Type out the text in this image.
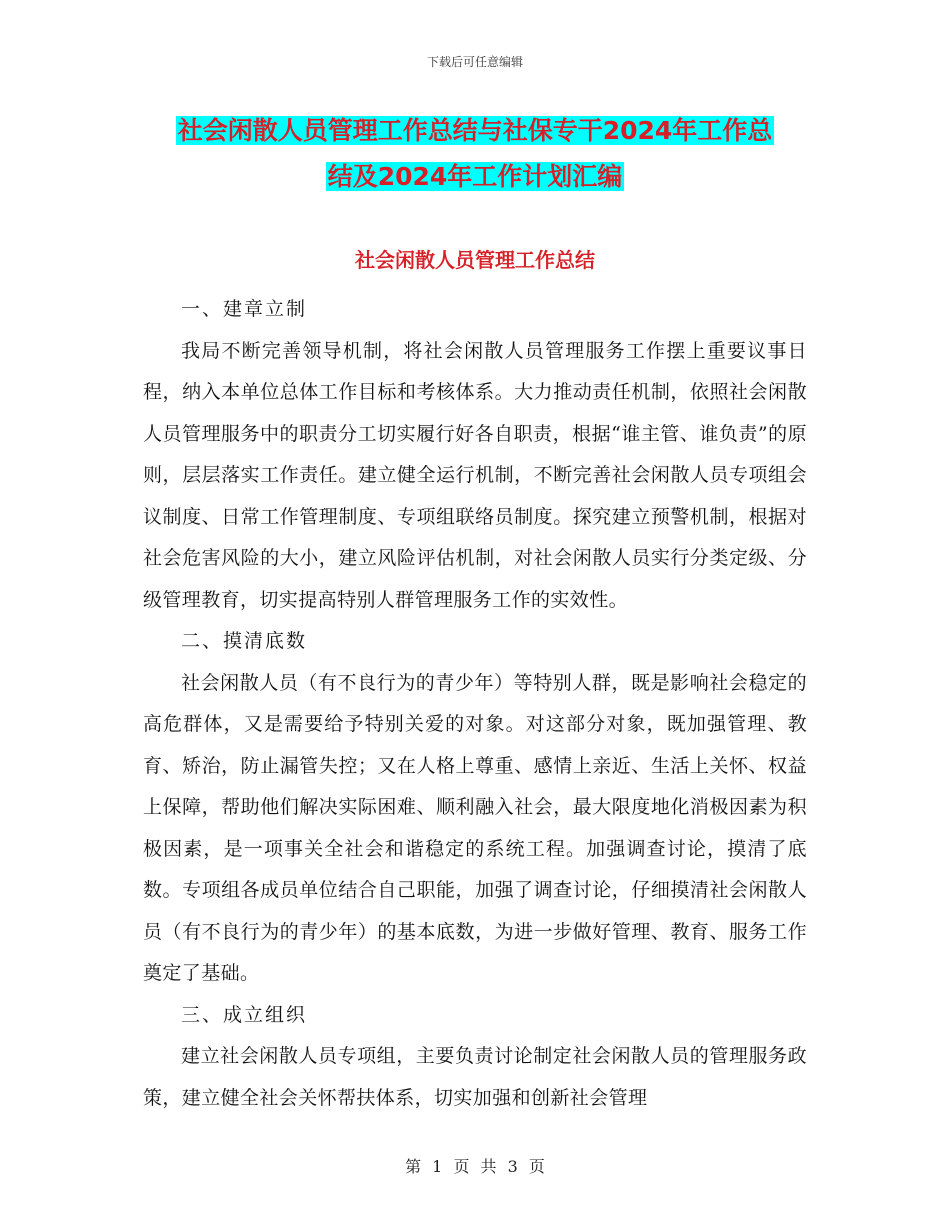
下载后可任意编辑
社会闲散人员管理工作总结与社保专干2024年工作总
结及2024年工作计划汇编
社会闲散人员管理工作总结

一、建章立制

我局不断完善领导机制，将社会闲散人员管理服务工作摆上重要议事日程，纳入本单位总体工作目标和考核体系。大力推动责任机制，依照社会闲散人员管理服务中的职责分工切实履行好各自职责，根据“谁主管、谁负责”的原则，层层落实工作责任。建立健全运行机制，不断完善社会闲散人员专项组会议制度、日常工作管理制度、专项组联络员制度。探究建立预警机制，根据对社会危害风险的大小，建立风险评估机制，对社会闲散人员实行分类定级、分级管理教育，切实提高特别人群管理服务工作的实效性。

二、摸清底数

社会闲散人员（有不良行为的青少年）等特别人群，既是影响社会稳定的高危群体，又是需要给予特别关爱的对象。对这部分对象，既加强管理、教育、矫治，防止漏管失控；又在人格上尊重、感情上亲近、生活上关怀、权益上保障，帮助他们解决实际困难、顺利融入社会，最大限度地化消极因素为积极因素，是一项事关全社会和谐稳定的系统工程。加强调查讨论，摸清了底数。专项组各成员单位结合自己职能，加强了调查讨论，仔细摸清社会闲散人员（有不良行为的青少年）的基本底数，为进一步做好管理、教育、服务工作奠定了基础。

三、成立组织

建立社会闲散人员专项组，主要负责讨论制定社会闲散人员的管理服务政策，建立健全社会关怀帮扶体系，切实加强和创新社会管理

第 1 页 共 3 页
